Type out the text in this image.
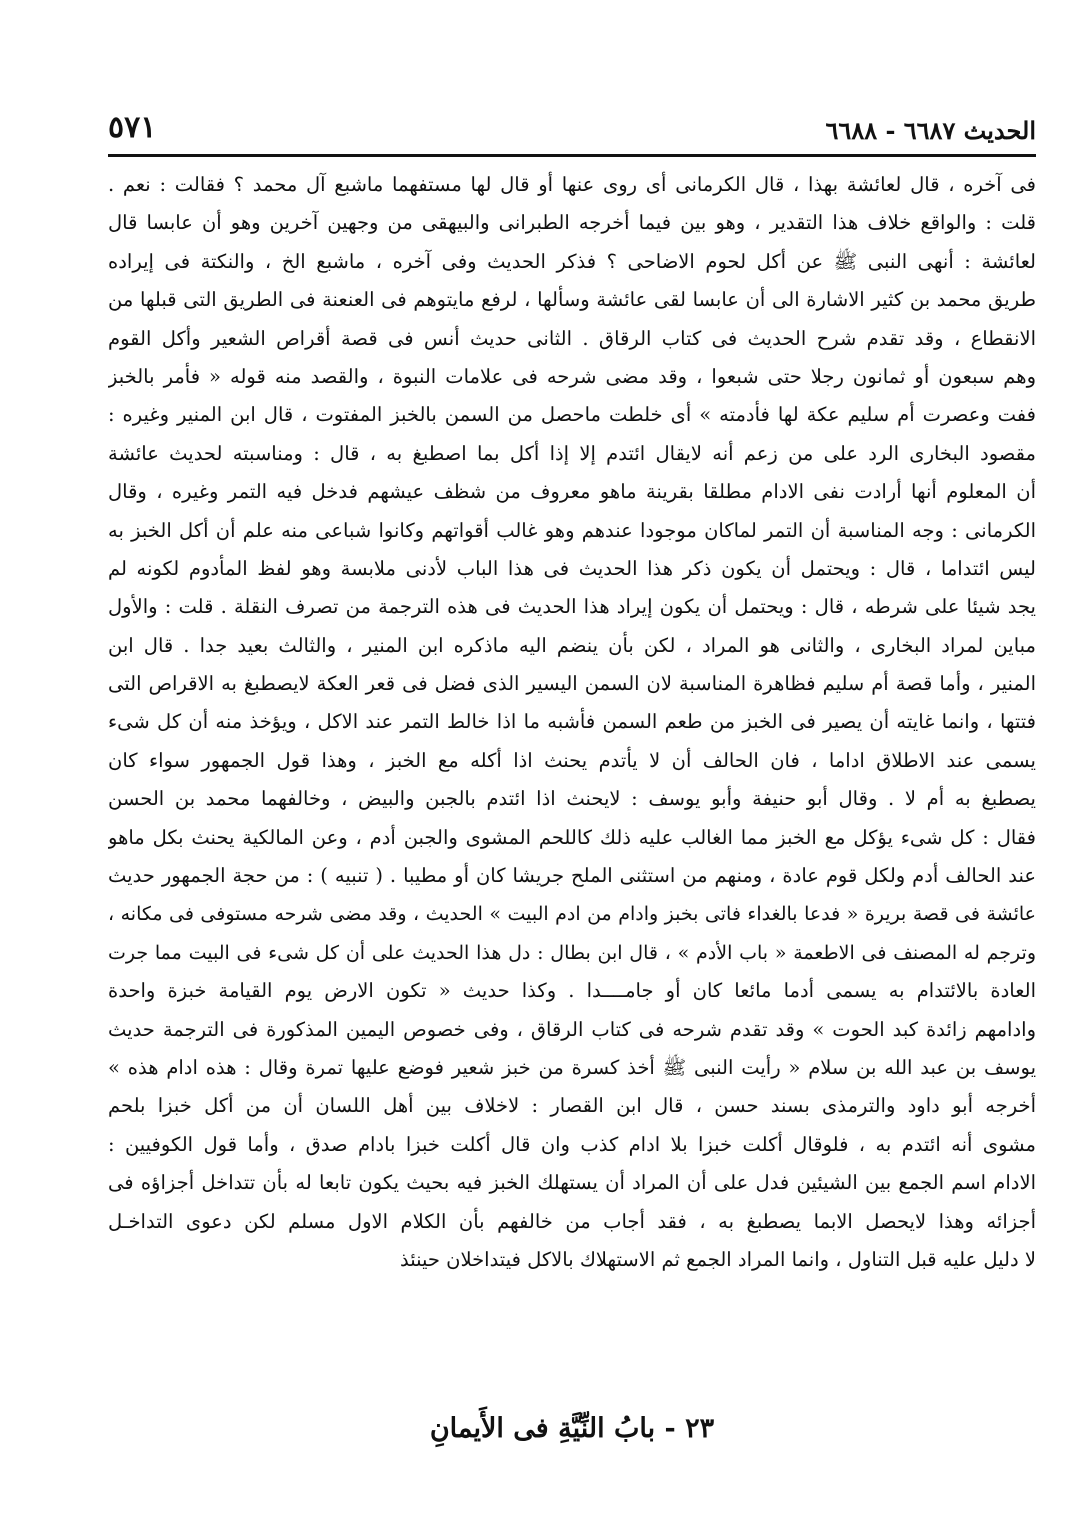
الحديث ٦٦٨٧ - ٦٦٨٨
٥٧١
فى آخره ، قال لعائشة بهذا ، قال الكرمانى أى روى عنها أو قال لها مستفهما ماشبع آل محمد ؟ فقالت : نعم .
قلت : والواقع خلاف هذا التقدير ، وهو بين فيما أخرجه الطبرانى والبيهقى من وجهين آخرين وهو أن عابسا قال
لعائشة : أنهى النبى ﷺ عن أكل لحوم الاضاحى ؟ فذكر الحديث وفى آخره ، ماشبع الخ ، والنكتة فى إيراده
طريق محمد بن كثير الاشارة الى أن عابسا لقى عائشة وسألها ، لرفع مايتوهم فى العنعنة فى الطريق التى قبلها من
الانقطاع ، وقد تقدم شرح الحديث فى كتاب الرقاق . الثانى حديث أنس فى قصة أقراص الشعير وأكل القوم
وهم سبعون أو ثمانون رجلا حتى شبعوا ، وقد مضى شرحه فى علامات النبوة ، والقصد منه قوله « فأمر بالخبز
ففت وعصرت أم سليم عكة لها فأدمته » أى خلطت ماحصل من السمن بالخبز المفتوت ، قال ابن المنير وغيره :
مقصود البخارى الرد على من زعم أنه لايقال ائتدم إلا إذا أكل بما اصطبغ به ، قال : ومناسبته لحديث عائشة
أن المعلوم أنها أرادت نفى الادام مطلقا بقرينة ماهو معروف من شظف عيشهم فدخل فيه التمر وغيره ، وقال
الكرمانى : وجه المناسبة أن التمر لماكان موجودا عندهم وهو غالب أقواتهم وكانوا شباعى منه علم أن أكل الخبز به
ليس ائتداما ، قال : ويحتمل أن يكون ذكر هذا الحديث فى هذا الباب لأدنى ملابسة وهو لفظ المأدوم لكونه لم
يجد شيئا على شرطه ، قال : ويحتمل أن يكون إيراد هذا الحديث فى هذه الترجمة من تصرف النقلة . قلت : والأول
مباين لمراد البخارى ، والثانى هو المراد ، لكن بأن ينضم اليه ماذكره ابن المنير ، والثالث بعيد جدا . قال ابن
المنير ، وأما قصة أم سليم فظاهرة المناسبة لان السمن اليسير الذى فضل فى قعر العكة لايصطبغ به الاقراص التى
فتتها ، وانما غايته أن يصير فى الخبز من طعم السمن فأشبه ما اذا خالط التمر عند الاكل ، ويؤخذ منه أن كل شىء
يسمى عند الاطلاق اداما ، فان الحالف أن لا يأتدم يحنث اذا أكله مع الخبز ، وهذا قول الجمهور سواء كان
يصطبغ به أم لا . وقال أبو حنيفة وأبو يوسف : لايحنث اذا ائتدم بالجبن والبيض ، وخالفهما محمد بن الحسن
فقال : كل شىء يؤكل مع الخبز مما الغالب عليه ذلك كاللحم المشوى والجبن أدم ، وعن المالكية يحنث بكل ماهو
عند الحالف أدم ولكل قوم عادة ، ومنهم من استثنى الملح جريشا كان أو مطيبا . ( تنبيه ) : من حجة الجمهور حديث
عائشة فى قصة بريرة « فدعا بالغداء فاتى بخبز وادام من ادم البيت » الحديث ، وقد مضى شرحه مستوفى فى مكانه ،
وترجم له المصنف فى الاطعمة « باب الأدم » ، قال ابن بطال : دل هذا الحديث على أن كل شىء فى البيت مما جرت
العادة بالائتدام به يسمى أدما مائعا كان أو جامــــدا . وكذا حديث « تكون الارض يوم القيامة خبزة واحدة
وادامهم زائدة كبد الحوت » وقد تقدم شرحه فى كتاب الرقاق ، وفى خصوص اليمين المذكورة فى الترجمة حديث
يوسف بن عبد الله بن سلام « رأيت النبى ﷺ أخذ كسرة من خبز شعير فوضع عليها تمرة وقال : هذه ادام هذه »
أخرجه أبو داود والترمذى بسند حسن ، قال ابن القصار : لاخلاف بين أهل اللسان أن من أكل خبزا بلحم
مشوى أنه ائتدم به ، فلوقال أكلت خبزا بلا ادام كذب وان قال أكلت خبزا بادام صدق ، وأما قول الكوفيين :
الادام اسم الجمع بين الشيئين فدل على أن المراد أن يستهلك الخبز فيه بحيث يكون تابعا له بأن تتداخل أجزاؤه فى
أجزائه وهذا لايحصل الابما يصطبغ به ، فقد أجاب من خالفهم بأن الكلام الاول مسلم لكن دعوى التداخـل
لا دليل عليه قبل التناول ، وانما المراد الجمع ثم الاستهلاك بالاكل فيتداخلان حينئذ
٢٣ - بابُ النِّيَّةِ فى الأَيمانِ
